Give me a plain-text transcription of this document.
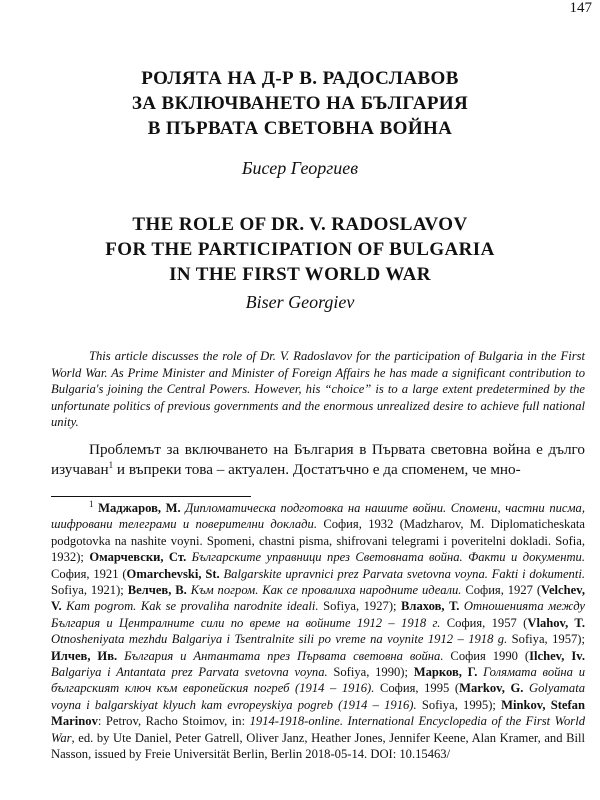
147
РОЛЯТА НА Д-Р В. РАДОСЛАВОВ
ЗА ВКЛЮЧВАНЕТО НА БЪЛГАРИЯ
В ПЪРВАТА СВЕТОВНА ВОЙНА
Бисер Георгиев
THE ROLE OF DR. V. RADOSLAVOV
FOR THE PARTICIPATION OF BULGARIA
IN THE FIRST WORLD WAR
Biser Georgiev
This article discusses the role of Dr. V. Radoslavov for the participation of Bulgaria in the First World War. As Prime Minister and Minister of Foreign Affairs he has made a significant contribution to Bulgaria's joining the Central Powers. However, his “choice” is to a large extent predetermined by the unfortunate politics of previous governments and the enormous unrealized desire to achieve full national unity.
Проблемът за включването на България в Първата световна война е дълго изучаван$^1$ и въпреки това – актуален. Достатъчно е да споменем, че мно-
$^1$ Маджаров, М. Дипломатическа подготовка на нашите войни. Спомени, частни писма, шифровани телеграми и поверителни доклади. София, 1932 (Madzharov, M. Diplomaticheskata podgotovka na nashite voyni. Spomeni, chastni pisma, shifrovani telegrami i poveritelni dokladi. Sofia, 1932); Омарчевски, Ст. Българските управници през Световната война. Факти и документи. София, 1921 (Omarchevski, St. Balgarskite upravnici prez Parvata svetovna voyna. Fakti i dokumenti. Sofiya, 1921); Велчев, В. Към погром. Как се провалиха народните идеали. София, 1927 (Velchev, V. Kam pogrom. Kak se provaliha narodnite ideali. Sofiya, 1927); Влахов, Т. Отношенията между България и Централните сили по време на войните 1912 – 1918 г. София, 1957 (Vlahov, T. Otnosheniyata mezhdu Balgariya i Tsentralnite sili po vreme na voynite 1912 – 1918 g. Sofiya, 1957); Илчев, Ив. България и Антантата през Първата световна война. София 1990 (Ilchev, Iv. Balgariya i Antantata prez Parvata svetovna voyna. Sofiya, 1990); Марков, Г. Голямата война и българският ключ към европейския погреб (1914 – 1916). София, 1995 (Markov, G. Golyamata voyna i balgarskiyat klyuch kam evropeyskiya pogreb (1914 – 1916). Sofiya, 1995); Minkov, Stefan Marinov: Petrov, Racho Stoimov, in: 1914-1918-online. International Encyclopedia of the First World War, ed. by Ute Daniel, Peter Gatrell, Oliver Janz, Heather Jones, Jennifer Keene, Alan Kramer, and Bill Nasson, issued by Freie Universität Berlin, Berlin 2018-05-14. DOI: 10.15463/
